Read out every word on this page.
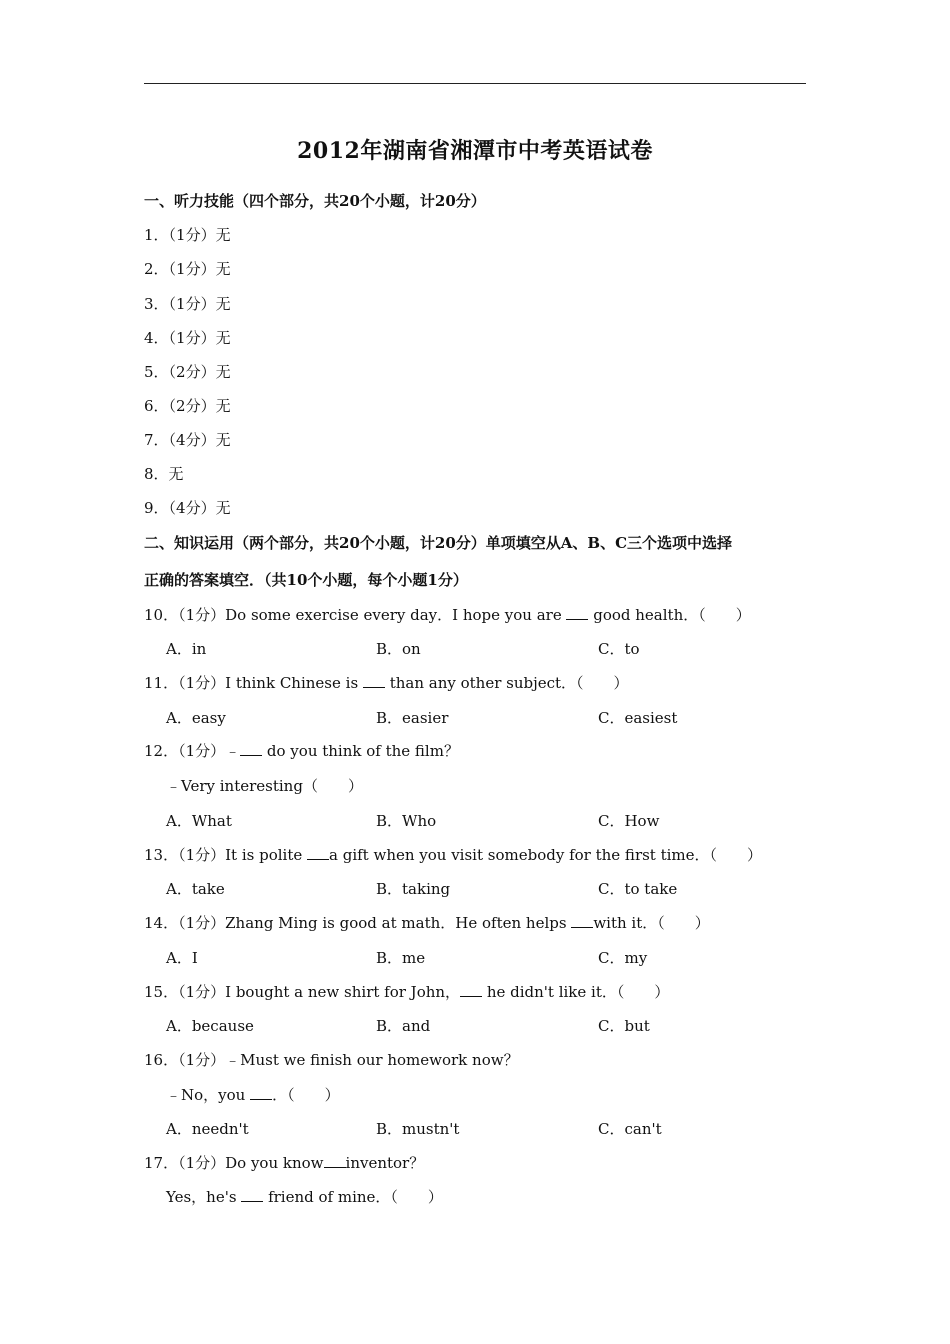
2012年湖南省湘潭市中考英语试卷
一、听力技能（四个部分，共20个小题，计20分）
1．（1分）无
2．（1分）无
3．（1分）无
4．（1分）无
5．（2分）无
6．（2分）无
7．（4分）无
8．无
9．（4分）无
二、知识运用（两个部分，共20个小题，计20分）单项填空从A、B、C三个选项中选择
正确的答案填空．（共10个小题，每个小题1分）
10．（1分）Do some exercise every day．I hope you are  good health．（　　）
A．in	B．on	C．to
11．（1分）I think Chinese is  than any other subject．（　　）
A．easy	B．easier	C．easiest
12．（1分）﹣ do you think of the film？
﹣Very interesting（　　）
A．What	B．Who	C．How
13．（1分）It is polite a gift when you visit somebody for the first time．（　　）
A．take	B．taking	C．to take
14．（1分）Zhang Ming is good at math．He often helps with it．（　　）
A．I	B．me	C．my
15．（1分）I bought a new shirt for John， he didn't like it．（　　）
A．because	B．and	C．but
16．（1分）﹣Must we finish our homework now？
﹣No，you ．（　　）
A．needn't	B．mustn't	C．can't
17．（1分）Do you know inventor？
Yes，he's  friend of mine．（　　）
